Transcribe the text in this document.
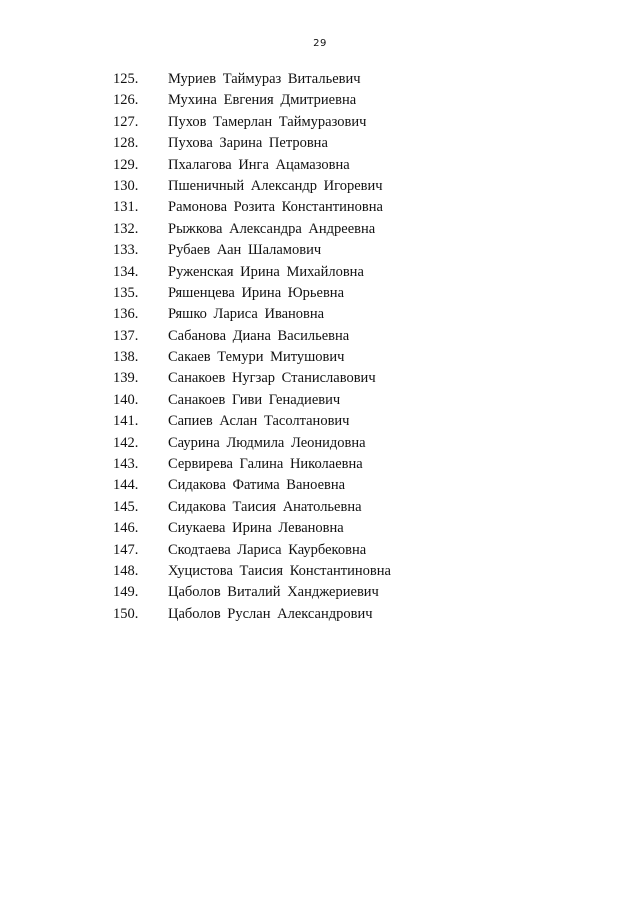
29
125. Муриев Таймураз Витальевич
126. Мухина Евгения Дмитриевна
127. Пухов Тамерлан Таймуразович
128. Пухова Зарина Петровна
129. Пхалагова Инга Ацамазовна
130. Пшеничный Александр Игоревич
131. Рамонова Розита Константиновна
132. Рыжкова Александра Андреевна
133. Рубаев Аан Шаламович
134. Руженская Ирина Михайловна
135. Ряшенцева Ирина Юрьевна
136. Ряшко Лариса Ивановна
137. Сабанова Диана Васильевна
138. Сакаев Темури Митушович
139. Санакоев Нугзар Станиславович
140. Санакоев Гиви Генадиевич
141. Сапиев Аслан Тасолтанович
142. Саурина Людмила Леонидовна
143. Сервирева Галина Николаевна
144. Сидакова Фатима Ваноевна
145. Сидакова Таисия Анатольевна
146. Сиукаева Ирина Левановна
147. Скодтаева Лариса Каурбековна
148. Хуцистова Таисия Константиновна
149. Цаболов Виталий Ханджериевич
150. Цаболов Руслан Александрович
